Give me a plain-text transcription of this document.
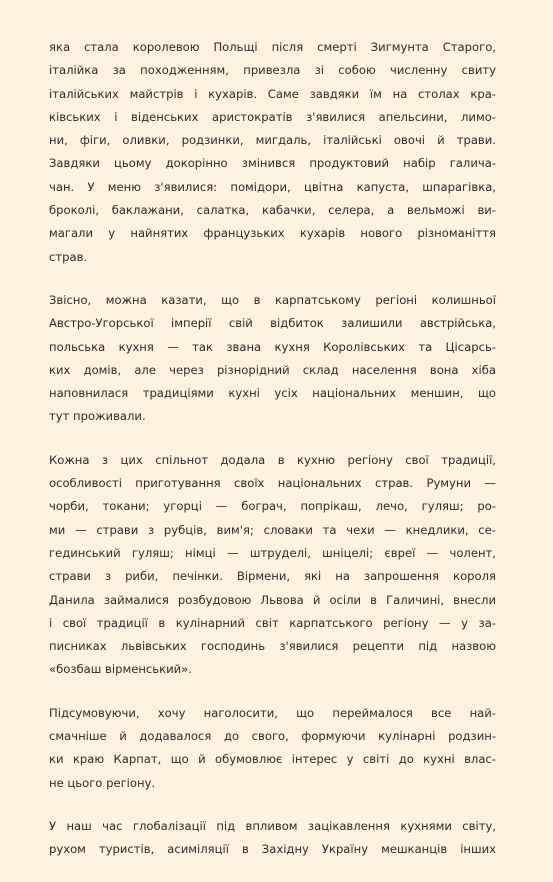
яка стала королевою Польщі після смерті Зигмунта Старого,
італійка за походженням, привезла зі собою численну свиту
італійських майстрів і кухарів. Саме завдяки їм на столах кра-
ківських і віденських аристократів з'явилися апельсини, лимо-
ни, фіги, оливки, родзинки, мигдаль, італійські овочі й трави.
Завдяки цьому докорінно змінився продуктовий набір галича-
чан. У меню з'явилися: помідори, цвітна капуста, шпарагівка,
броколі, баклажани, салатка, кабачки, селера, а вельможі ви-
магали у найнятих французьких кухарів нового різноманіття
страв.
Звісно, можна казати, що в карпатському регіоні колишньої
Австро-Угорської імперії свій відбиток залишили австрійська,
польська кухня — так звана кухня Королівських та Цісарсь-
ких домів, але через різнорідний склад населення вона хіба
наповнилася традиціями кухні усіх національних меншин, що
тут проживали.
Кожна з цих спільнот додала в кухню регіону свої традиції,
особливості приготування своїх національних страв. Румуни —
чорби, токани; угорці — бограч, попрікаш, лечо, гуляш; ро-
ми — страви з рубців, вим'я; словаки та чехи — кнедлики, се-
гединський гуляш; німці — штруделі, шніцелі; євреї — чолент,
страви з риби, печінки. Вірмени, які на запрошення короля
Данила займалися розбудовою Львова й осіли в Галичині, внесли
і свої традиції в кулінарний світ карпатського регіону — у за-
писниках львівських господинь з'явилися рецепти під назвою
«бозбаш вірменський».
Підсумовуючи, хочу наголосити, що переймалося все най-
смачніше й додавалося до свого, формуючи кулінарні родзин-
ки краю Карпат, що й обумовлює інтерес у світі до кухні влас-
не цього регіону.
У наш час глобалізації під впливом зацікавлення кухнями світу,
рухом туристів, асиміляції в Західну Україну мешканців інших
